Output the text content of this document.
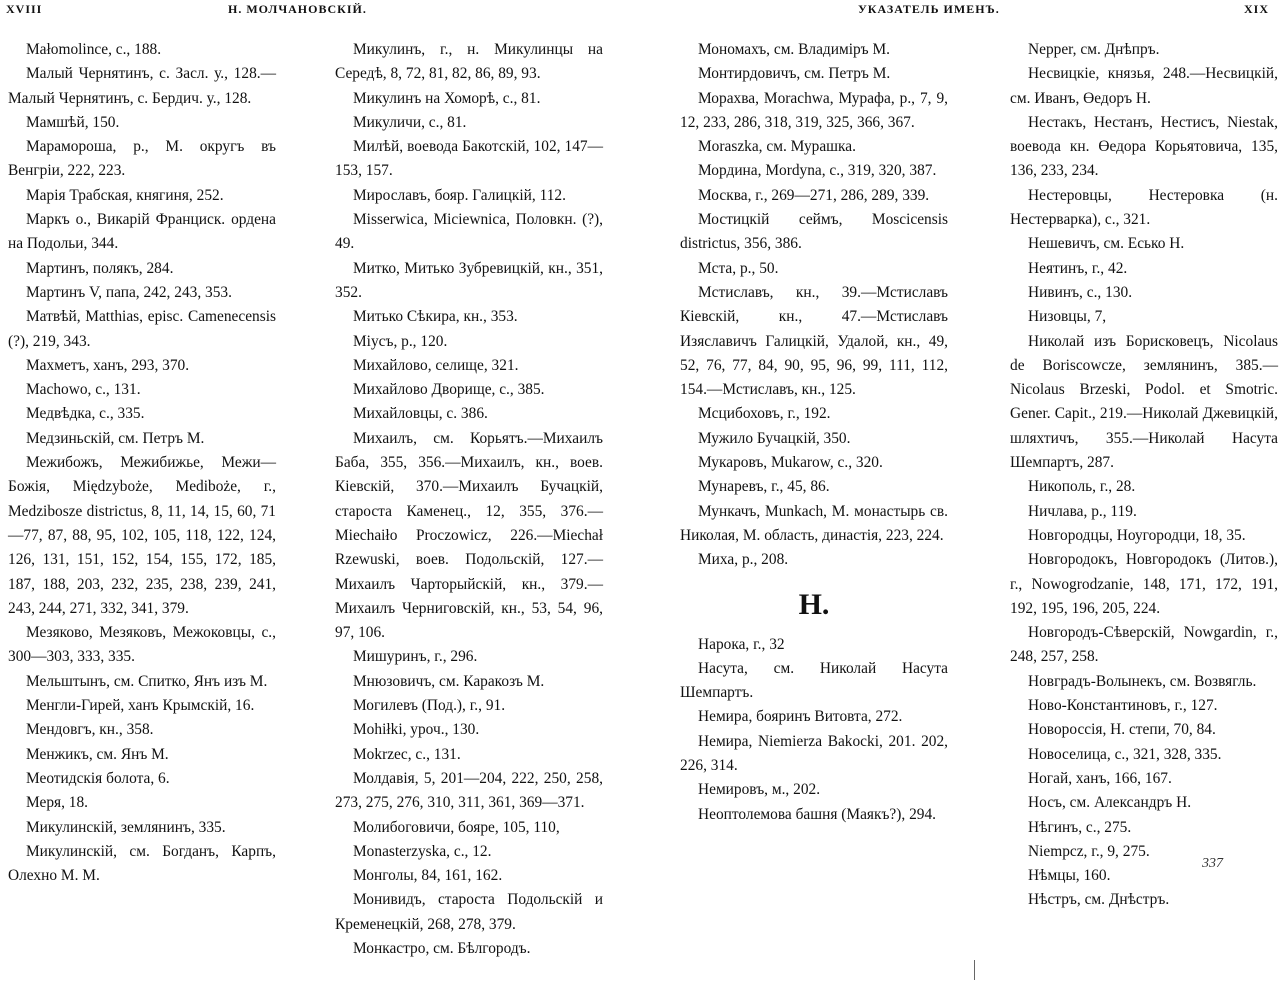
XVIII	Н. МОЛЧАНОВСКІЙ.
Małomolince, с., 188.
Малый Чернятинъ, с. Засл. у., 128.—Малый Чернятинъ, с. Бердич. у., 128.
Мамшѣй, 150.
Марамороша, р., М. округъ въ Венгріи, 222, 223.
Марія Трабская, княгиня, 252.
Маркъ о., Викарій Франциск. ордена на Подольи, 344.
Мартинъ, полякъ, 284.
Мартинъ V, папа, 242, 243, 353.
Матвѣй, Matthias, episc. Camenecensis (?), 219, 343.
Махметъ, ханъ, 293, 370.
Machowo, с., 131.
Медвѣдка, с., 335.
Медзиньскій, см. Петръ М.
Межибожъ, Межибижье, Межи—Божія, Międzyboże, Mediboże, г., Medzibosze districtus, 8, 11, 14, 15, 60, 71—77, 87, 88, 95, 102, 105, 118, 122, 124, 126, 131, 151, 152, 154, 155, 172, 185, 187, 188, 203, 232, 235, 238, 239, 241, 243, 244, 271, 332, 341, 379.
Мезяково, Мезяковъ, Межоковцы, с., 300—303, 333, 335.
Мельштынъ, см. Спитко, Янъ изъ М.
Менгли-Гирей, ханъ Крымскій, 16.
Мендовгъ, кн., 358.
Менжикъ, см. Янъ М.
Меотидскія болота, 6.
Меря, 18.
Микулинскій, землянинъ, 335.
Микулинскій, см. Богданъ, Карпъ, Олехно М. М.
Микулинъ, г., н. Микулинцы на Середѣ, 8, 72, 81, 82, 86, 89, 93.
Микулинъ на Хоморѣ, с., 81.
Микуличи, с., 81.
Милѣй, воевода Бакотскій, 102, 147—153, 157.
Мирославъ, бояр. Галицкій, 112.
Misserwica, Miciewnica, Половкн. (?), 49.
Митко, Митько Зубревицкій, кн., 351, 352.
Митько Сѣкира, кн., 353.
Міусъ, р., 120.
Михайлово, селище, 321.
Михайлово Дворище, с., 385.
Михайловцы, с. 386.
Михаилъ, см. Корьятъ.—Михаилъ Баба, 355, 356.—Михаилъ, кн., воев. Кіевскій, 370.—Михаилъ Бучацкій, староста Каменец., 12, 355, 376.—Miechaiło Proczowicz, 226.—Miechał Rzewuski, воев. Подольскій, 127.—Михаилъ Чарторыйскій, кн., 379.—Михаилъ Черниговскій, кн., 53, 54, 96, 97, 106.
Мишуринъ, г., 296.
Мнюзовичъ, см. Каракозъ М.
Могилевъ (Под.), г., 91.
Mohiłki, уроч., 130.
Mokrzec, с., 131.
Молдавія, 5, 201—204, 222, 250, 258, 273, 275, 276, 310, 311, 361, 369—371.
Молибоговичи, бояре, 105, 110,
Monasterzyska, с., 12.
Монголы, 84, 161, 162.
Монивидъ, староста Подольскій и Кременецкій, 268, 278, 379.
Монкастро, см. Бѣлгородъ.
УКАЗАТЕЛЬ ИМЕНЪ.	XIX
Мономахъ, см. Владиміръ М.
Монтирдовичъ, см. Петръ М.
Морахва, Morachwa, Мурафа, р., 7, 9, 12, 233, 286, 318, 319, 325, 366, 367.
Moraszka, см. Мурашка.
Мордина, Mordyna, с., 319, 320, 387.
Москва, г., 269—271, 286, 289, 339.
Мостицкій сеймъ, Moscicensis districtus, 356, 386.
Мста, р., 50.
Мстиславъ, кн., 39.—Мстиславъ Кіевскій, кн., 47.—Мстиславъ Изяславичъ Галицкій, Удалой, кн., 49, 52, 76, 77, 84, 90, 95, 96, 99, 111, 112, 154.—Мстиславъ, кн., 125.
Мсцибоховъ, г., 192.
Мужило Бучацкій, 350.
Мукаровъ, Mukarow, с., 320.
Мунаревъ, г., 45, 86.
Мункачъ, Munkach, М. монастырь св. Николая, М. область, династія, 223, 224.
Миха, р., 208.
Н.
Нарока, г., 32
Насута, см. Николай Насута Шемпартъ.
Немира, бояринъ Витовта, 272.
Немира, Niemierza Bakocki, 201. 202, 226, 314.
Немировъ, м., 202.
Неоптолемова башня (Маякъ?), 294.
Nepper, см. Днѣпръ.
Несвицкіе, князья, 248.—Несвицкій, см. Иванъ, Өедоръ Н.
Нестакъ, Нестанъ, Нестисъ, Niestak, воевода кн. Өедора Корьятовича, 135, 136, 233, 234.
Нестеровцы, Нестеровка (н. Нестерварка), с., 321.
Нешевичъ, см. Есько Н.
Неятинъ, г., 42.
Нивинъ, с., 130.
Низовцы, 7,
Николай изъ Борисковецъ, Nicolaus de Boriscowcze, землянинъ, 385.—Nicolaus Brzeski, Podol. et Smotric. Gener. Capit., 219.—Николай Джевицкій, шляхтичъ, 355.—Николай Насута Шемпартъ, 287.
Никополь, г., 28.
Ничлава, р., 119.
Новгородцы, Ноугородци, 18, 35.
Новгородокъ, Новгородокъ (Литов.), г., Nowogrodzanie, 148, 171, 172, 191, 192, 195, 196, 205, 224.
Новгородъ-Сѣверскій, Nowgardin, г., 248, 257, 258.
Новградъ-Волынекъ, см. Возвягль.
Ново-Константиновъ, г., 127.
Новороссія, Н. степи, 70, 84.
Новоселица, с., 321, 328, 335.
Ногай, ханъ, 166, 167.
Носъ, см. Александръ Н.
Нѣгинъ, с., 275.
Niempcz, г., 9, 275.
Нѣмцы, 160.
Нѣстръ, см. Днѣстръ.
337
